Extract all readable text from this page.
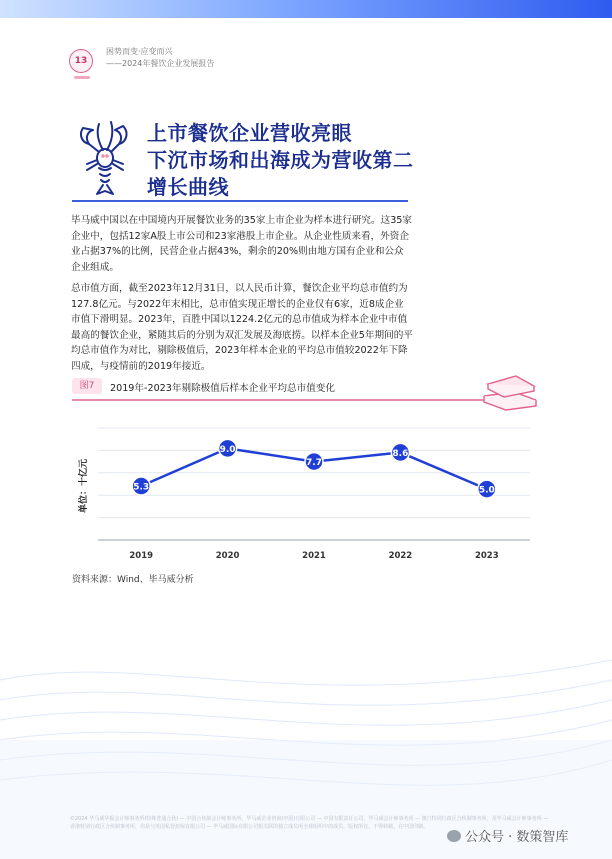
13
困势而变·应变而兴
——2024年餐饮企业发展报告
上市餐饮企业营收亮眼
下沉市场和出海成为营收第二
增长曲线

毕马威中国以在中国境内开展餐饮业务的35家上市企业为样本进行研究。这35家企业中，包括12家A股上市公司和23家港股上市企业。从企业性质来看，外资企业占据37%的比例，民营企业占据43%，剩余的20%则由地方国有企业和公众企业组成。

总市值方面，截至2023年12月31日，以人民币计算，餐饮企业平均总市值约为127.8亿元。与2022年末相比，总市值实现正增长的企业仅有6家，近8成企业市值下滑明显。2023年，百胜中国以1224.2亿元的总市值成为样本企业中市值最高的餐饮企业，紧随其后的分别为双汇发展及海底捞。以样本企业5年期间的平均总市值作为对比，剔除极值后，2023年样本企业的平均总市值较2022年下降四成，与疫情前的2019年接近。

图7	2019年-2023年剔除极值后样本企业平均总市值变化
单位：十亿元	5.3
2019
9.0
2020
7.7
2021
8.6
2022
5.0
2023
资料来源：Wind、毕马威分析
©2024 毕马威华振会计师事务所(特殊普通合伙) — 中国合伙制会计师事务所，毕马威企业咨询(中国)有限公司 — 中国有限责任公司，毕马威会计师事务所 — 澳门特别行政区合伙制事务所，及毕马威会计师事务所 — 香港特别行政区合伙制事务所，均是与英国私营担保有限公司 — 毕马威国际有限公司相关联的独立成员所全球组织中的成员。版权所有，不得转载。在中国印刷。
公众号 · 数策智库
